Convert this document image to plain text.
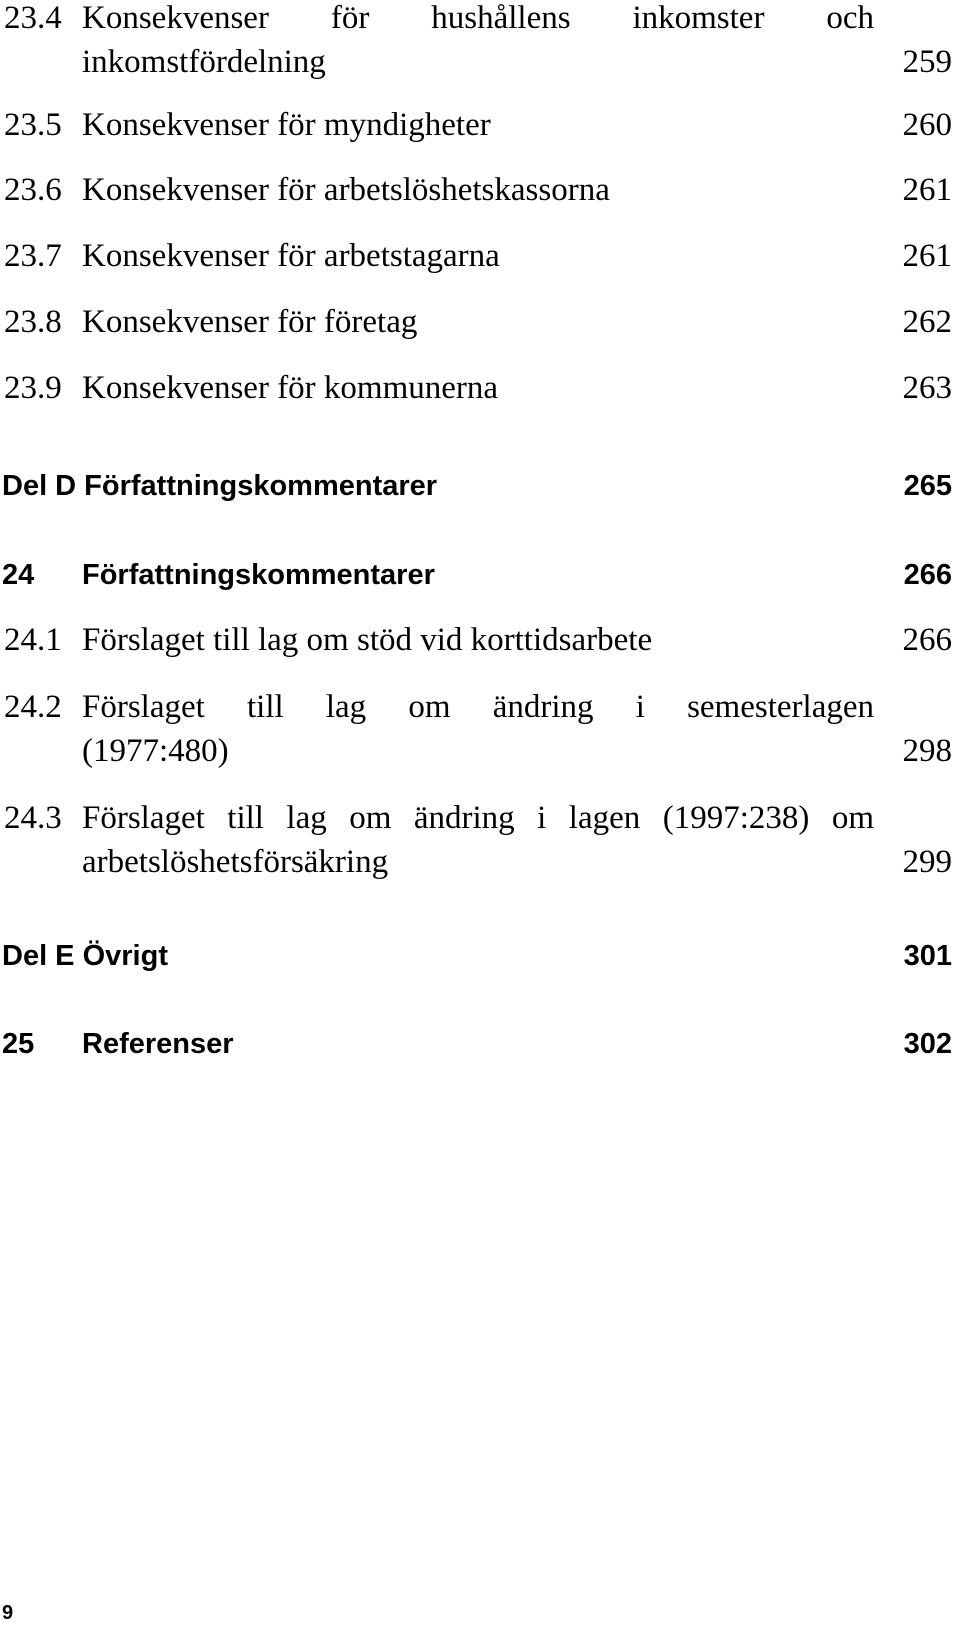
23.4 Konsekvenser för hushållens inkomster och
inkomstfördelning	259
23.5 Konsekvenser för myndigheter	260
23.6 Konsekvenser för arbetslöshetskassorna	261
23.7 Konsekvenser för arbetstagarna	261
23.8 Konsekvenser för företag	262
23.9 Konsekvenser för kommunerna	263
Del D Författningskommentarer	265
24 Författningskommentarer	266
24.1 Förslaget till lag om stöd vid korttidsarbete	266
24.2 Förslaget till lag om ändring i semesterlagen
(1977:480)	298
24.3 Förslaget till lag om ändring i lagen (1997:238) om
arbetslöshetsförsäkring	299
Del E Övrigt	301
25 Referenser	302
9
